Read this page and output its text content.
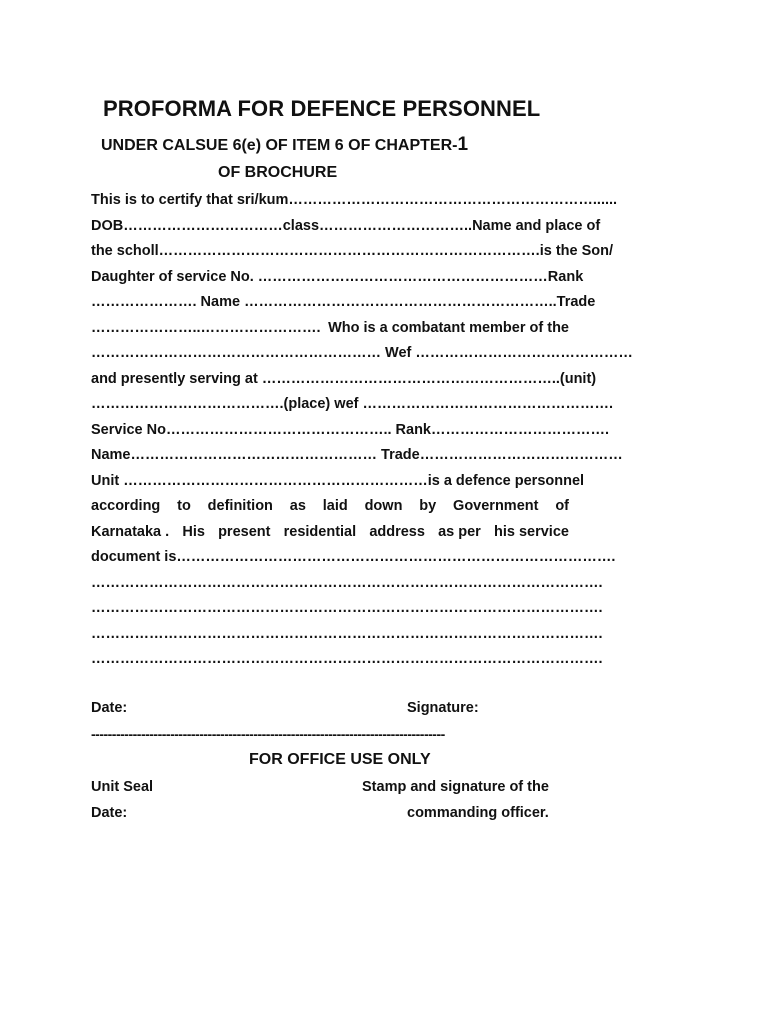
PROFORMA FOR DEFENCE PERSONNEL
UNDER CALSUE 6(e) OF ITEM 6 OF CHAPTER-1
OF BROCHURE
This is to certify that sri/kum………………………………………………………......
DOB……………………………class…………………………..Name and place of
the scholl…………………………………………………………………….is the Son/
Daughter of service No. …………………………………………………… Rank
…………………. Name ……………………………………………………….. Trade
…………………..……………………. Who is a combatant member of the
…………………………………………………… Wef ………………………………………
and presently serving at ……………………………………………………..(unit)
………………………………….(place) wef …………………………………………….
Service No……………………………………….. Rank……………………………….
Name…………………………………………… Trade……………………………………
Unit ……………………………………………………… is a defence personnel
according to definition as laid down by Government of
Karnataka . His present residential address as per his service
document is……………………………………………………………………………….
…………………………………………………………………………………………….
…………………………………………………………………………………………….
…………………………………………………………………………………………….
…………………………………………………………………………………………….
Date:	Signature:
-------------------------------------------------------------------------------------
FOR OFFICE USE ONLY
Unit Seal	Stamp and signature of the
Date:	commanding officer.
